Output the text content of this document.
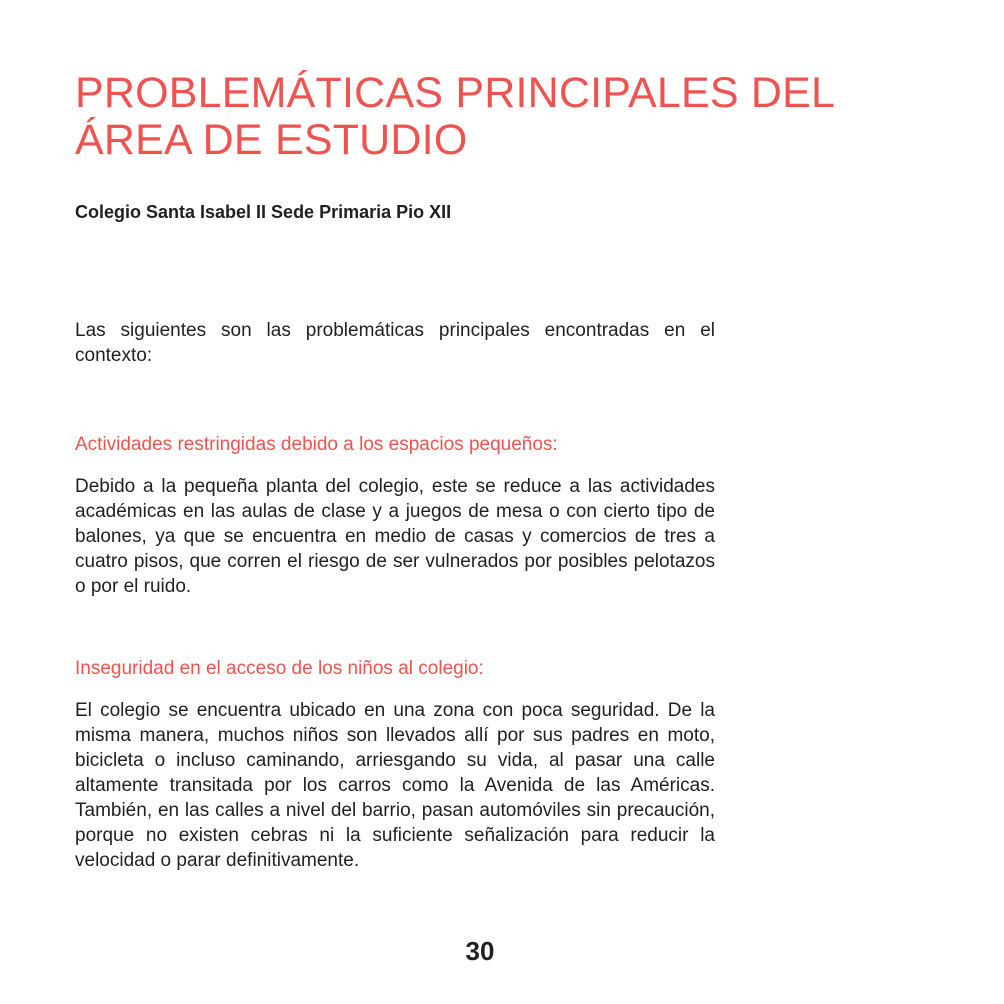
PROBLEMÁTICAS PRINCIPALES DEL
ÁREA DE ESTUDIO

Colegio Santa Isabel II Sede Primaria Pio XII

Las siguientes son las problemáticas principales encontradas en el contexto:

Actividades restringidas debido a los espacios pequeños:

Debido a la pequeña planta del colegio, este se reduce a las actividades académicas en las aulas de clase y a juegos de mesa o con cierto tipo de balones, ya que se encuentra en medio de casas y comercios de tres a cuatro pisos, que corren el riesgo de ser vulnerados por posibles pelotazos o por el ruido.

Inseguridad en el acceso de los niños al colegio:

El colegio se encuentra ubicado en una zona con poca seguridad. De la misma manera, muchos niños son llevados allí por sus padres en moto, bicicleta o incluso caminando, arriesgando su vida, al pasar una calle altamente transitada por los carros como la Avenida de las Américas. También, en las calles a nivel del barrio, pasan automóviles sin precaución, porque no existen cebras ni la suficiente señalización para reducir la velocidad o parar definitivamente.

30
